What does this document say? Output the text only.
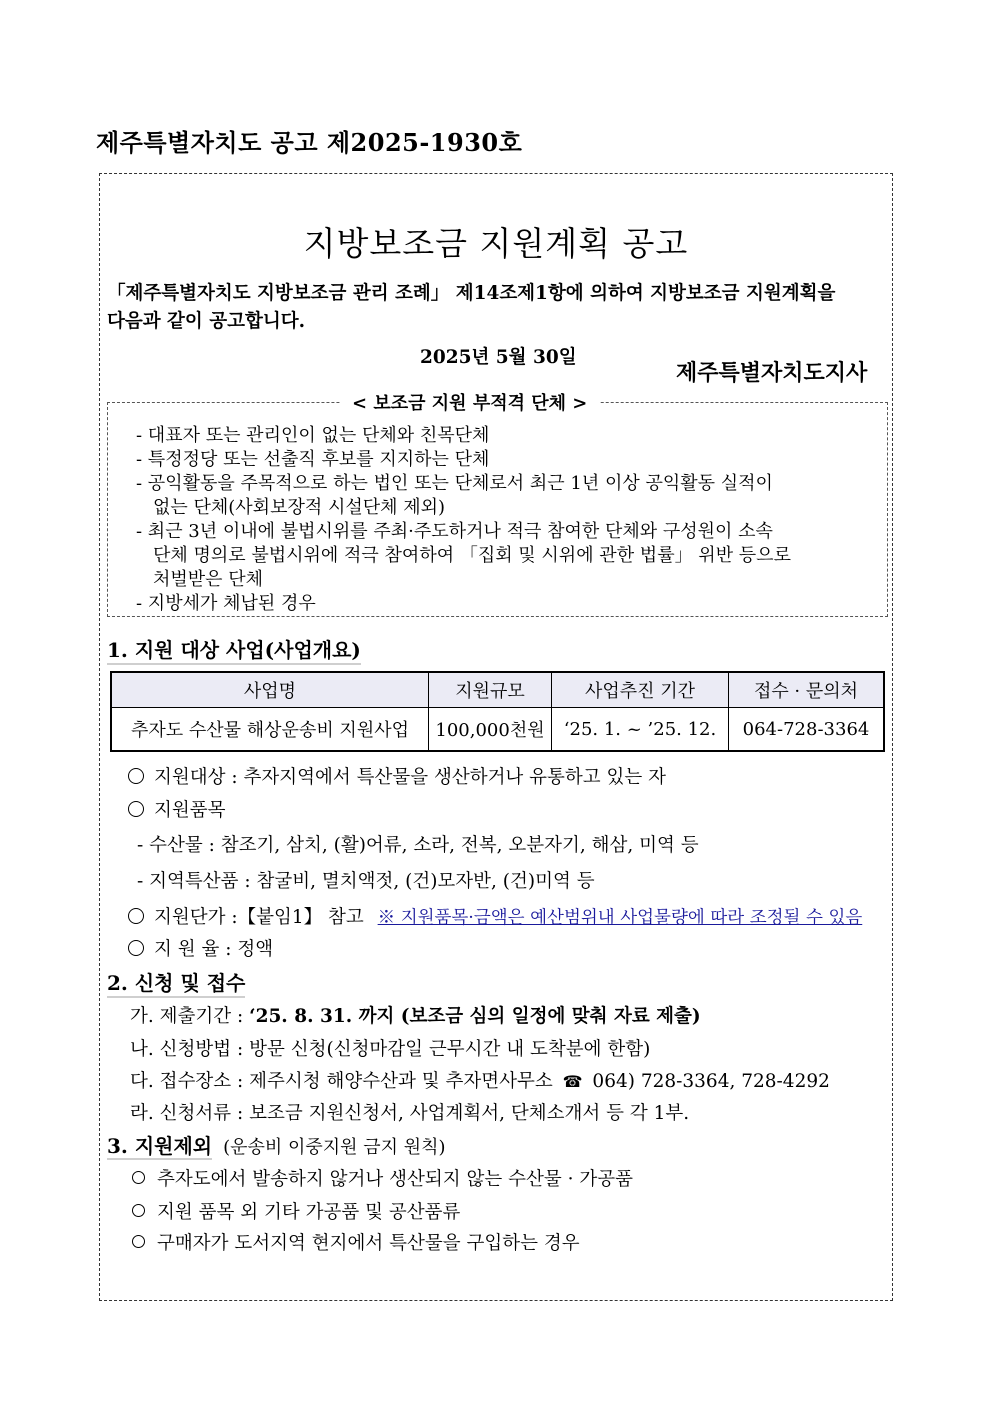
제주특별자치도 공고 제2025-1930호
지방보조금 지원계획 공고
「제주특별자치도 지방보조금 관리 조례」 제14조제1항에 의하여 지방보조금 지원계획을
다음과 같이 공고합니다.
2025년 5월 30일
제주특별자치도지사
< 보조금 지원 부적격 단체 >
- 대표자 또는 관리인이 없는 단체와 친목단체
- 특정정당 또는 선출직 후보를 지지하는 단체
- 공익활동을 주목적으로 하는 법인 또는 단체로서 최근 1년 이상 공익활동 실적이
없는 단체(사회보장적 시설단체 제외)
- 최근 3년 이내에 불법시위를 주최·주도하거나 적극 참여한 단체와 구성원이 소속
단체 명의로 불법시위에 적극 참여하여 「집회 및 시위에 관한 법률」 위반 등으로
처벌받은 단체
- 지방세가 체납된 경우
1. 지원 대상 사업(사업개요)
사업명	지원규모	사업추진 기간	접수 · 문의처
추자도 수산물 해상운송비 지원사업	100,000천원	‘25. 1. ~ ’25. 12.	064-728-3364
지원대상 : 추자지역에서 특산물을 생산하거나 유통하고 있는 자
지원품목
- 수산물 : 참조기, 삼치, (활)어류, 소라, 전복, 오분자기, 해삼, 미역 등
- 지역특산품 : 참굴비, 멸치액젓, (건)모자반, (건)미역 등
지원단가 :【붙임1】 참고 ※ 지원품목·금액은 예산범위내 사업물량에 따라 조정될 수 있음
지 원 율 : 정액
2. 신청 및 접수
가. 제출기간 : ‘25. 8. 31. 까지 (보조금 심의 일정에 맞춰 자료 제출)
나. 신청방법 : 방문 신청(신청마감일 근무시간 내 도착분에 한함)
다. 접수장소 : 제주시청 해양수산과 및 추자면사무소 ☎ 064) 728-3364, 728-4292
라. 신청서류 : 보조금 지원신청서, 사업계획서, 단체소개서 등 각 1부.
3. 지원제외 (운송비 이중지원 금지 원칙)
추자도에서 발송하지 않거나 생산되지 않는 수산물 · 가공품
지원 품목 외 기타 가공품 및 공산품류
구매자가 도서지역 현지에서 특산물을 구입하는 경우
